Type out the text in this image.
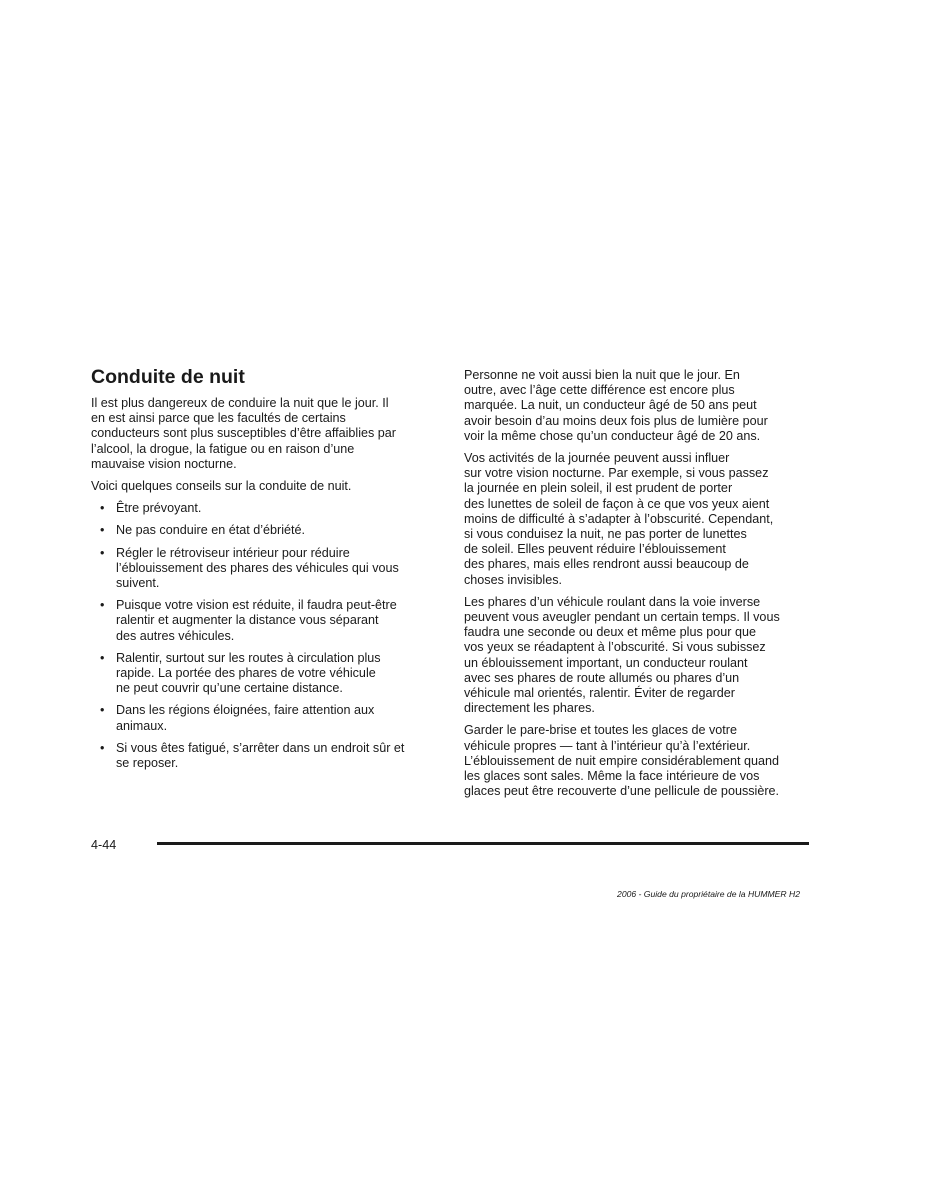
Conduite de nuit

Il est plus dangereux de conduire la nuit que le jour. Il
en est ainsi parce que les facultés de certains
conducteurs sont plus susceptibles d’être affaiblies par
l’alcool, la drogue, la fatigue ou en raison d’une
mauvaise vision nocturne.

Voici quelques conseils sur la conduite de nuit.

• Être prévoyant.
• Ne pas conduire en état d’ébriété.
• Régler le rétroviseur intérieur pour réduire
l’éblouissement des phares des véhicules qui vous
suivent.
• Puisque votre vision est réduite, il faudra peut-être
ralentir et augmenter la distance vous séparant
des autres véhicules.
• Ralentir, surtout sur les routes à circulation plus
rapide. La portée des phares de votre véhicule
ne peut couvrir qu’une certaine distance.
• Dans les régions éloignées, faire attention aux
animaux.
• Si vous êtes fatigué, s’arrêter dans un endroit sûr et
se reposer.

Personne ne voit aussi bien la nuit que le jour. En
outre, avec l’âge cette différence est encore plus
marquée. La nuit, un conducteur âgé de 50 ans peut
avoir besoin d’au moins deux fois plus de lumière pour
voir la même chose qu’un conducteur âgé de 20 ans.

Vos activités de la journée peuvent aussi influer
sur votre vision nocturne. Par exemple, si vous passez
la journée en plein soleil, il est prudent de porter
des lunettes de soleil de façon à ce que vos yeux aient
moins de difficulté à s’adapter à l’obscurité. Cependant,
si vous conduisez la nuit, ne pas porter de lunettes
de soleil. Elles peuvent réduire l’éblouissement
des phares, mais elles rendront aussi beaucoup de
choses invisibles.

Les phares d’un véhicule roulant dans la voie inverse
peuvent vous aveugler pendant un certain temps. Il vous
faudra une seconde ou deux et même plus pour que
vos yeux se réadaptent à l’obscurité. Si vous subissez
un éblouissement important, un conducteur roulant
avec ses phares de route allumés ou phares d’un
véhicule mal orientés, ralentir. Éviter de regarder
directement les phares.

Garder le pare-brise et toutes les glaces de votre
véhicule propres — tant à l’intérieur qu’à l’extérieur.
L’éblouissement de nuit empire considérablement quand
les glaces sont sales. Même la face intérieure de vos
glaces peut être recouverte d’une pellicule de poussière.

4-44
2006 - Guide du propriétaire de la HUMMER H2
